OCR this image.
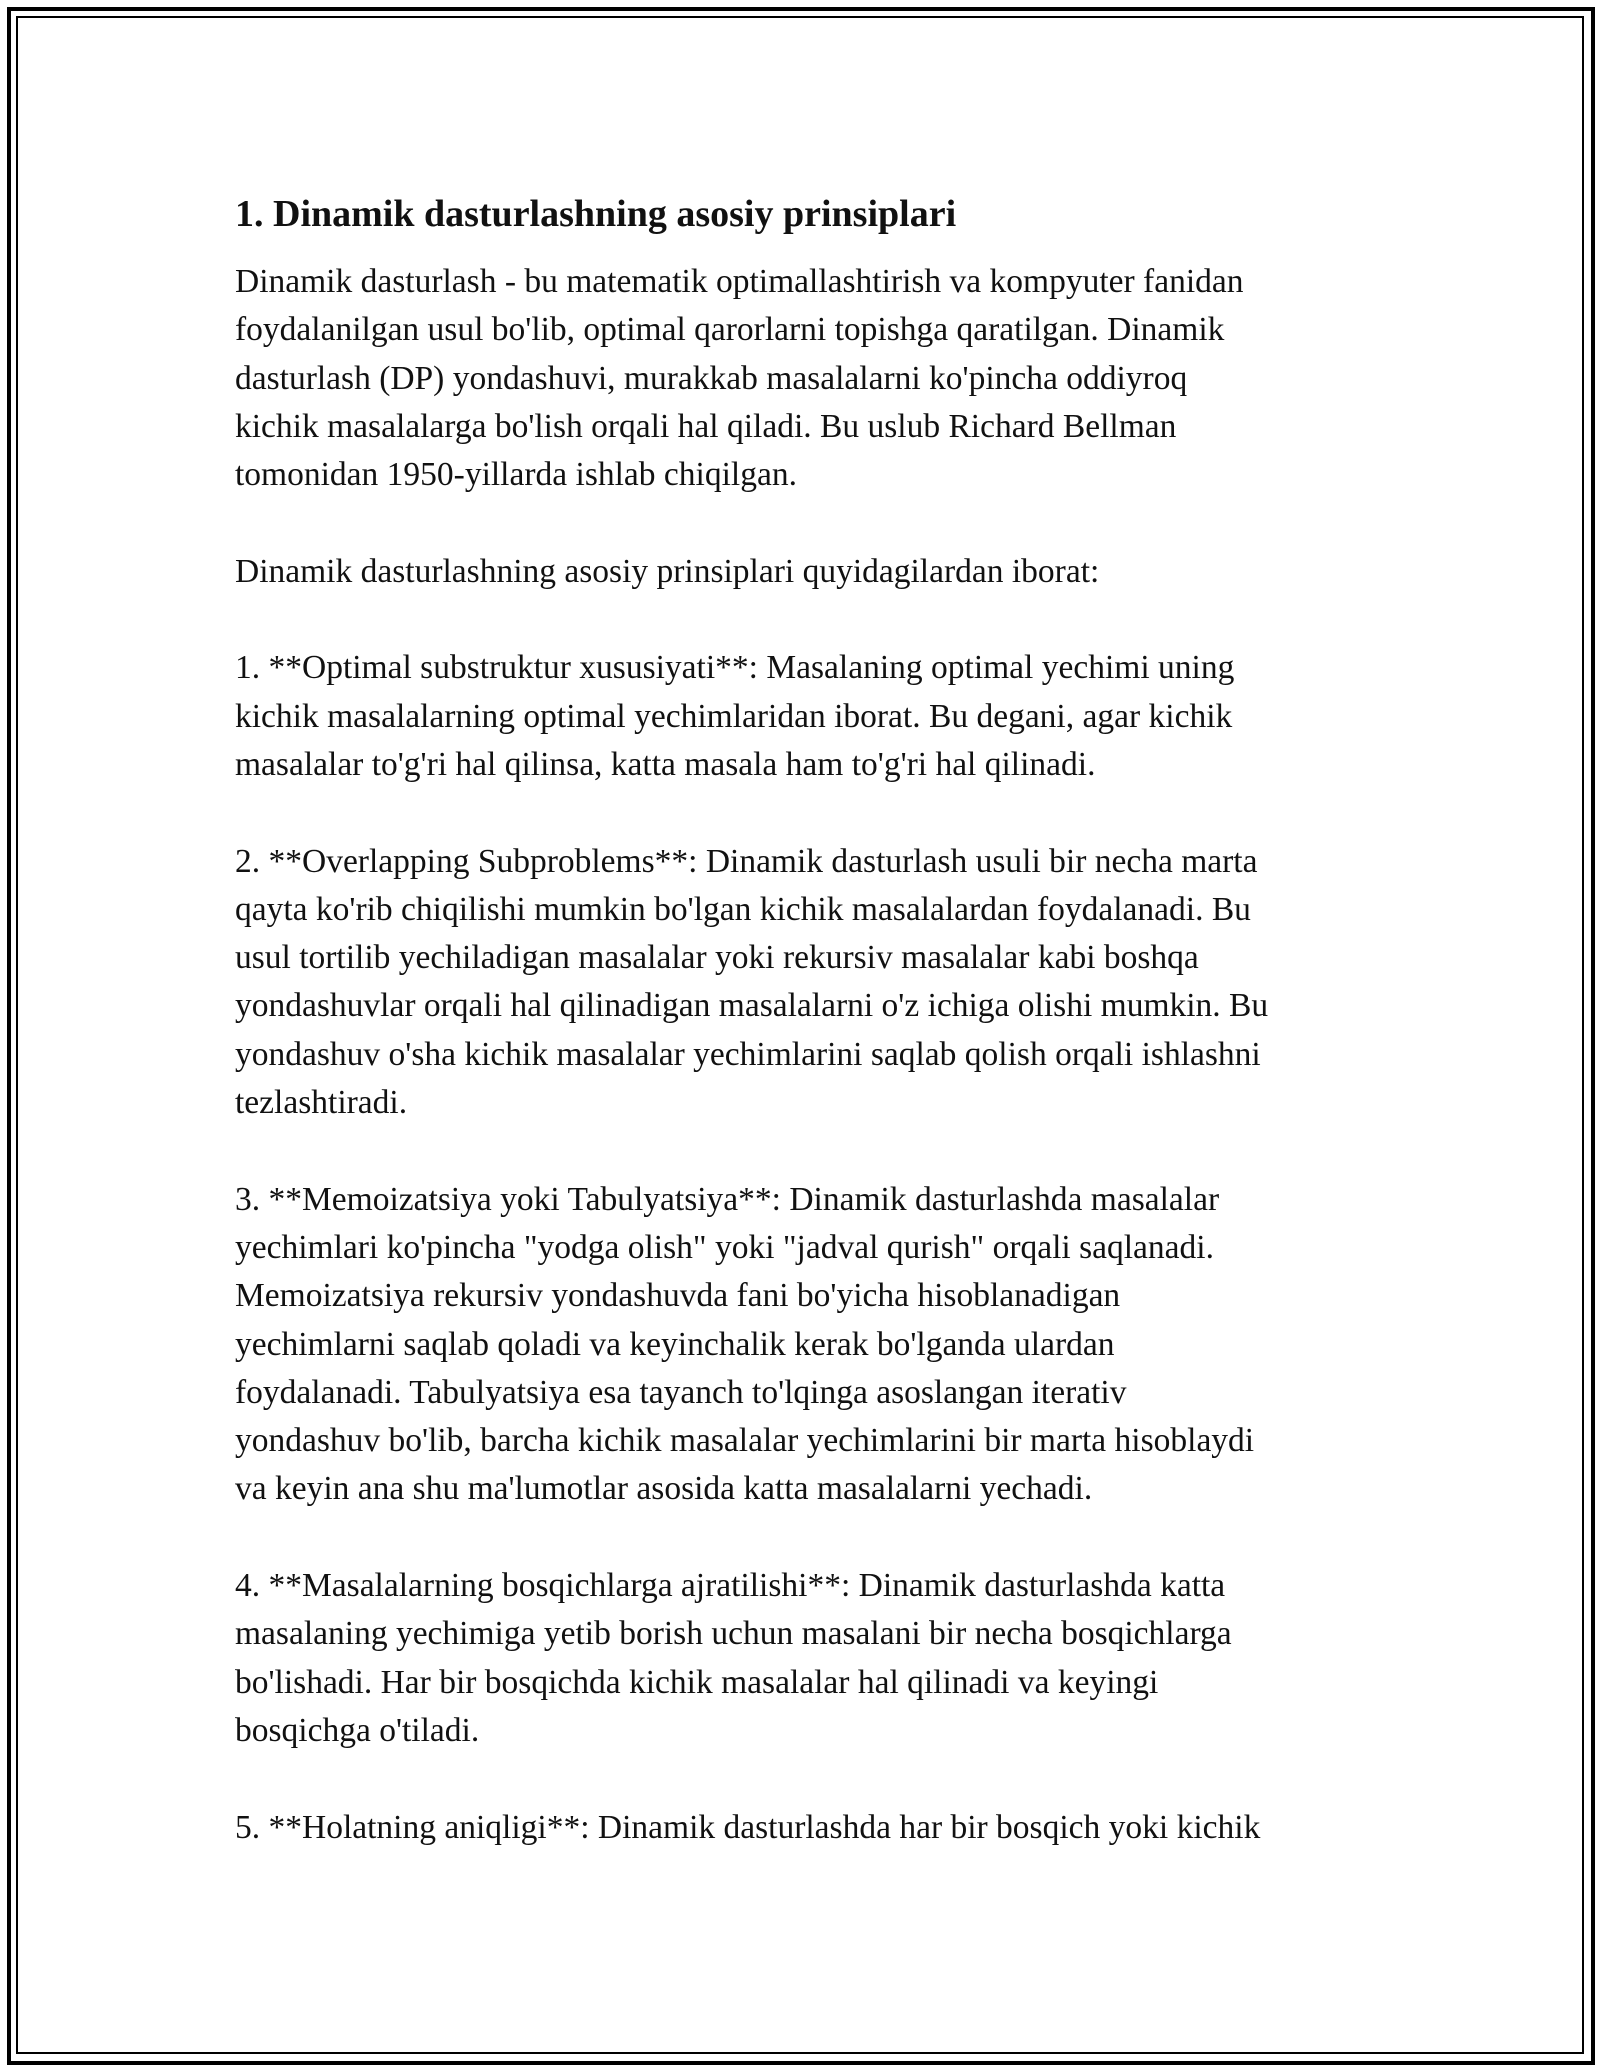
1. Dinamik dasturlashning asosiy prinsiplari

Dinamik dasturlash - bu matematik optimallashtirish va kompyuter fanidan
foydalanilgan usul bo'lib, optimal qarorlarni topishga qaratilgan. Dinamik
dasturlash (DP) yondashuvi, murakkab masalalarni ko'pincha oddiyroq
kichik masalalarga bo'lish orqali hal qiladi. Bu uslub Richard Bellman
tomonidan 1950-yillarda ishlab chiqilgan.

Dinamik dasturlashning asosiy prinsiplari quyidagilardan iborat:

1. **Optimal substruktur xususiyati**: Masalaning optimal yechimi uning
kichik masalalarning optimal yechimlaridan iborat. Bu degani, agar kichik
masalalar to'g'ri hal qilinsa, katta masala ham to'g'ri hal qilinadi.

2. **Overlapping Subproblems**: Dinamik dasturlash usuli bir necha marta
qayta ko'rib chiqilishi mumkin bo'lgan kichik masalalardan foydalanadi. Bu
usul tortilib yechiladigan masalalar yoki rekursiv masalalar kabi boshqa
yondashuvlar orqali hal qilinadigan masalalarni o'z ichiga olishi mumkin. Bu
yondashuv o'sha kichik masalalar yechimlarini saqlab qolish orqali ishlashni
tezlashtiradi.

3. **Memoizatsiya yoki Tabulyatsiya**: Dinamik dasturlashda masalalar
yechimlari ko'pincha "yodga olish" yoki "jadval qurish" orqali saqlanadi.
Memoizatsiya rekursiv yondashuvda fani bo'yicha hisoblanadigan
yechimlarni saqlab qoladi va keyinchalik kerak bo'lganda ulardan
foydalanadi. Tabulyatsiya esa tayanch to'lqinga asoslangan iterativ
yondashuv bo'lib, barcha kichik masalalar yechimlarini bir marta hisoblaydi
va keyin ana shu ma'lumotlar asosida katta masalalarni yechadi.

4. **Masalalarning bosqichlarga ajratilishi**: Dinamik dasturlashda katta
masalaning yechimiga yetib borish uchun masalani bir necha bosqichlarga
bo'lishadi. Har bir bosqichda kichik masalalar hal qilinadi va keyingi
bosqichga o'tiladi.

5. **Holatning aniqligi**: Dinamik dasturlashda har bir bosqich yoki kichik
